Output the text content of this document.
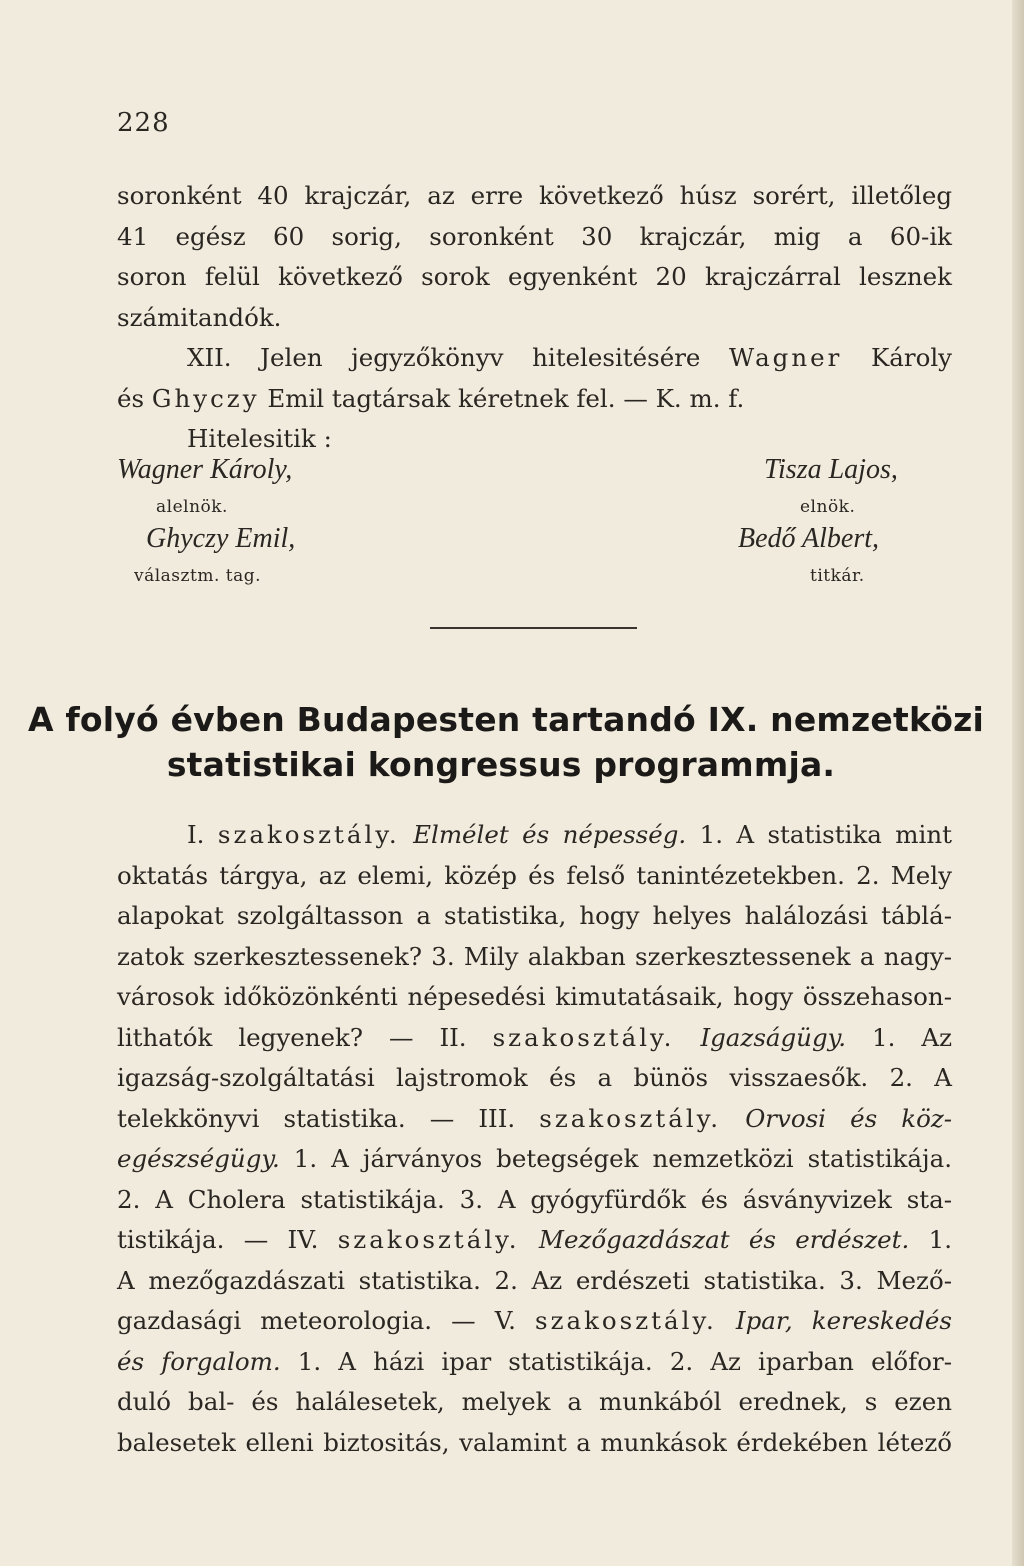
228
soronként 40 krajczár, az erre következő húsz sorért, illetőleg
41 egész 60 sorig, soronként 30 krajczár, mig a 60-ik
soron felül következő sorok egyenként 20 krajczárral lesznek
számitandók.
XII. Jelen jegyzőkönyv hitelesitésére Wagner Károly
és Ghyczy Emil tagtársak kéretnek fel. — K. m. f.
Hitelesitik :
Wagner Károly,
alelnök.
Ghyczy Emil,
választm. tag.
Tisza Lajos,
elnök.
Bedő Albert,
titkár.
A folyó évben Budapesten tartandó IX. nemzetközi
statistikai kongressus programmja.
I. szakosztály. Elmélet és népesség. 1. A statistika mint
oktatás tárgya, az elemi, közép és felső tanintézetekben. 2. Mely
alapokat szolgáltasson a statistika, hogy helyes halálozási táblá-
zatok szerkesztessenek? 3. Mily alakban szerkesztessenek a nagy-
városok időközönkénti népesedési kimutatásaik, hogy összehason-
lithatók legyenek? — II. szakosztály. Igazságügy. 1. Az
igazság-szolgáltatási lajstromok és a bünös visszaesők. 2. A
telekkönyvi statistika. — III. szakosztály. Orvosi és köz-
egészségügy. 1. A járványos betegségek nemzetközi statistikája.
2. A Cholera statistikája. 3. A gyógyfürdők és ásványvizek sta-
tistikája. — IV. szakosztály. Mezőgazdászat és erdészet. 1.
A mezőgazdászati statistika. 2. Az erdészeti statistika. 3. Mező-
gazdasági meteorologia. — V. szakosztály. Ipar, kereskedés
és forgalom. 1. A házi ipar statistikája. 2. Az iparban előfor-
duló bal- és halálesetek, melyek a munkából erednek, s ezen
balesetek elleni biztositás, valamint a munkások érdekében létező
